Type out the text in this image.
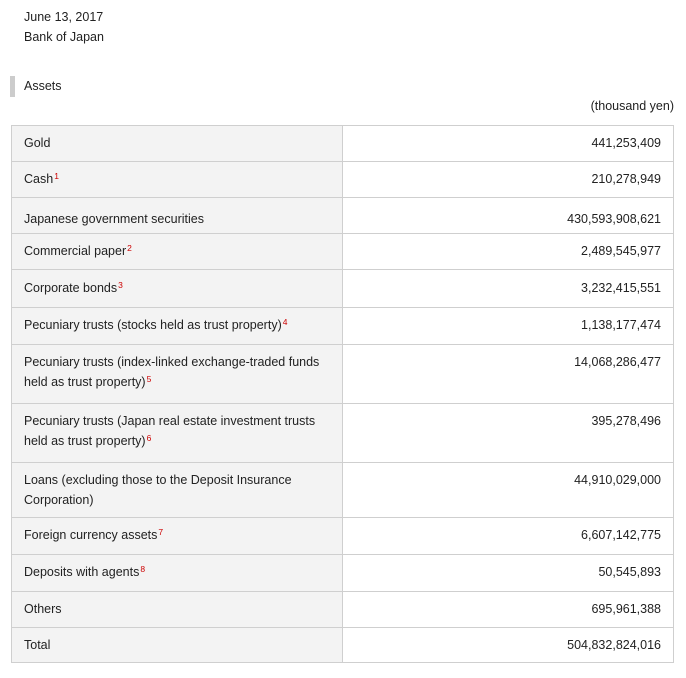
June 13, 2017
Bank of Japan
Assets
(thousand yen)
Gold	441,253,409
Cash$^1$	210,278,949
Japanese government securities	430,593,908,621
Commercial paper$^2$	2,489,545,977
Corporate bonds$^3$	3,232,415,551
Pecuniary trusts (stocks held as trust property)$^4$	1,138,177,474
Pecuniary trusts (index-linked exchange-traded funds held as trust property)$^5$	14,068,286,477
Pecuniary trusts (Japan real estate investment trusts held as trust property)$^6$	395,278,496
Loans (excluding those to the Deposit Insurance Corporation)	44,910,029,000
Foreign currency assets$^7$	6,607,142,775
Deposits with agents$^8$	50,545,893
Others	695,961,388
Total	504,832,824,016
